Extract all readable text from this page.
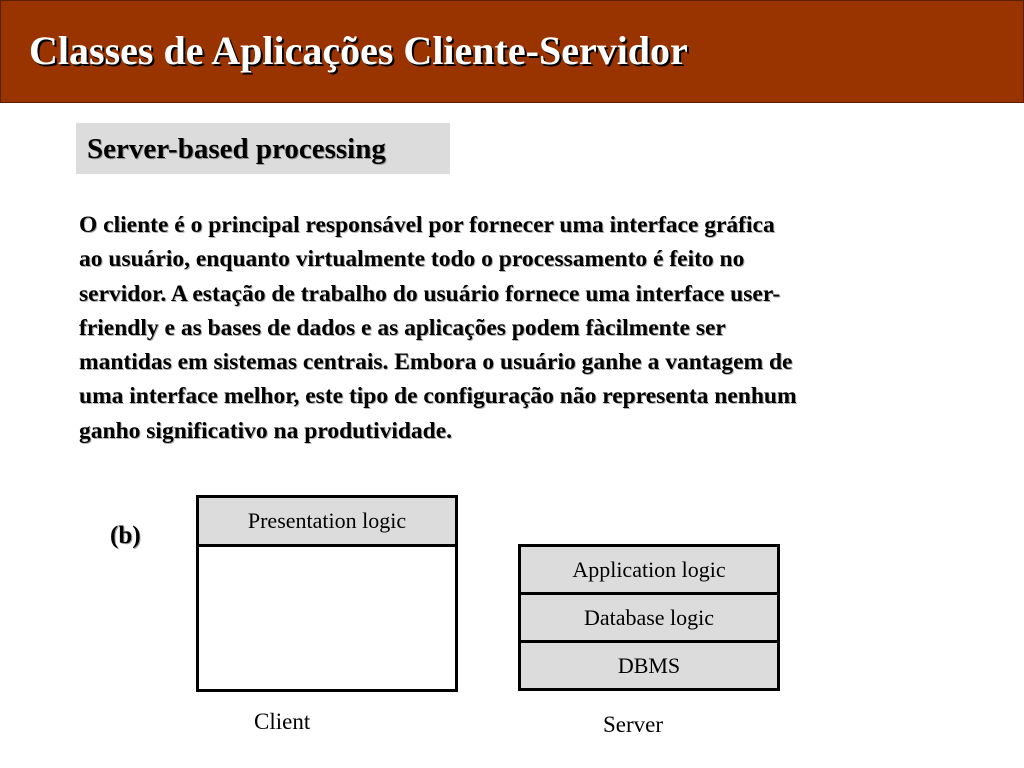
Classes de Aplicações Cliente-Servidor
Server-based processing
O cliente é o principal responsável por fornecer uma interface gráfica
ao usuário, enquanto virtualmente todo o processamento é feito no
servidor. A estação de trabalho do usuário fornece uma interface user-
friendly e as bases de dados e as aplicações podem fàcilmente ser
mantidas em sistemas centrais. Embora o usuário ganhe a vantagem de
uma interface melhor, este tipo de configuração não representa nenhum
ganho significativo na produtividade.
(b)
Presentation logic
Application logic
Database logic
DBMS
Client	Server
